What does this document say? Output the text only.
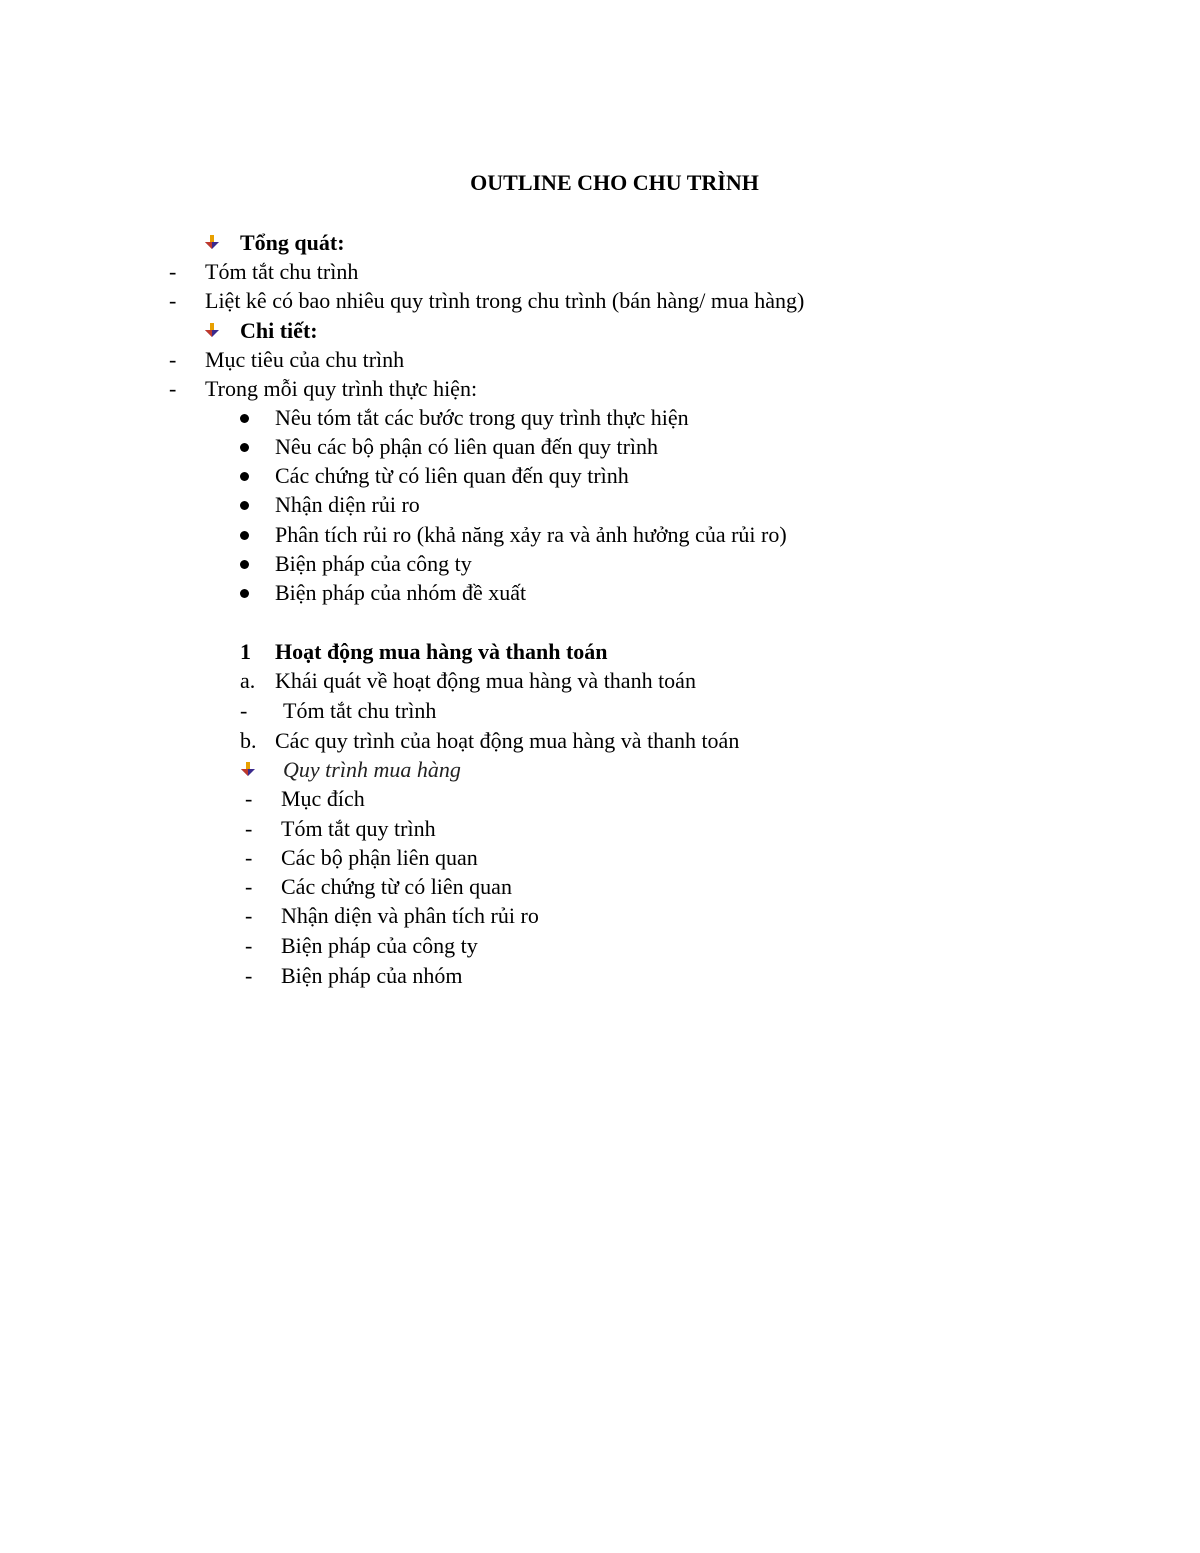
OUTLINE CHO CHU TRÌNH
Tổng quát:
- Tóm tắt chu trình
- Liệt kê có bao nhiêu quy trình trong chu trình (bán hàng/ mua hàng)
Chi tiết:
- Mục tiêu của chu trình
- Trong mỗi quy trình thực hiện:
Nêu tóm tắt các bước trong quy trình thực hiện
Nêu các bộ phận có liên quan đến quy trình
Các chứng từ có liên quan đến quy trình
Nhận diện rủi ro
Phân tích rủi ro (khả năng xảy ra và ảnh hưởng của rủi ro)
Biện pháp của công ty
Biện pháp của nhóm đề xuất
1 Hoạt động mua hàng và thanh toán
a. Khái quát về hoạt động mua hàng và thanh toán
- Tóm tắt chu trình
b. Các quy trình của hoạt động mua hàng và thanh toán
Quy trình mua hàng
- Mục đích
- Tóm tắt quy trình
- Các bộ phận liên quan
- Các chứng từ có liên quan
- Nhận diện và phân tích rủi ro
- Biện pháp của công ty
- Biện pháp của nhóm
